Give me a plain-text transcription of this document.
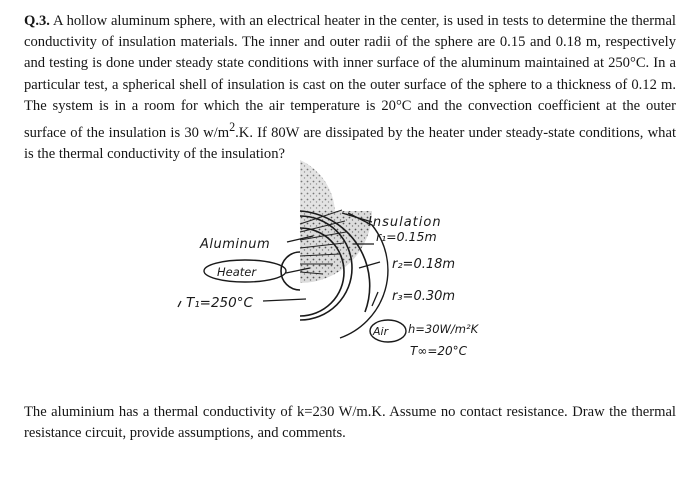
Q.3. A hollow aluminum sphere, with an electrical heater in the center, is used in tests to determine the thermal conductivity of insulation materials. The inner and outer radii of the sphere are 0.15 and 0.18 m, respectively and testing is done under steady state conditions with inner surface of the aluminum maintained at 250°C. In a particular test, a spherical shell of insulation is cast on the outer surface of the sphere to a thickness of 0.12 m. The system is in a room for which the air temperature is 20°C and the convection coefficient at the outer surface of the insulation is 30 $w/m^2.K$. If 80W are dissipated by the heater under steady-state conditions, what is the thermal conductivity of the insulation?

Insulation
r₁=0.15m
r₂=0.18m
r₃=0.30m
Aluminum
Heater
T₁=250°C
Air h=30W/m²K
T∞=20°C

The aluminium has a thermal conductivity of k=230 W/m.K. Assume no contact resistance. Draw the thermal resistance circuit, provide assumptions, and comments.
